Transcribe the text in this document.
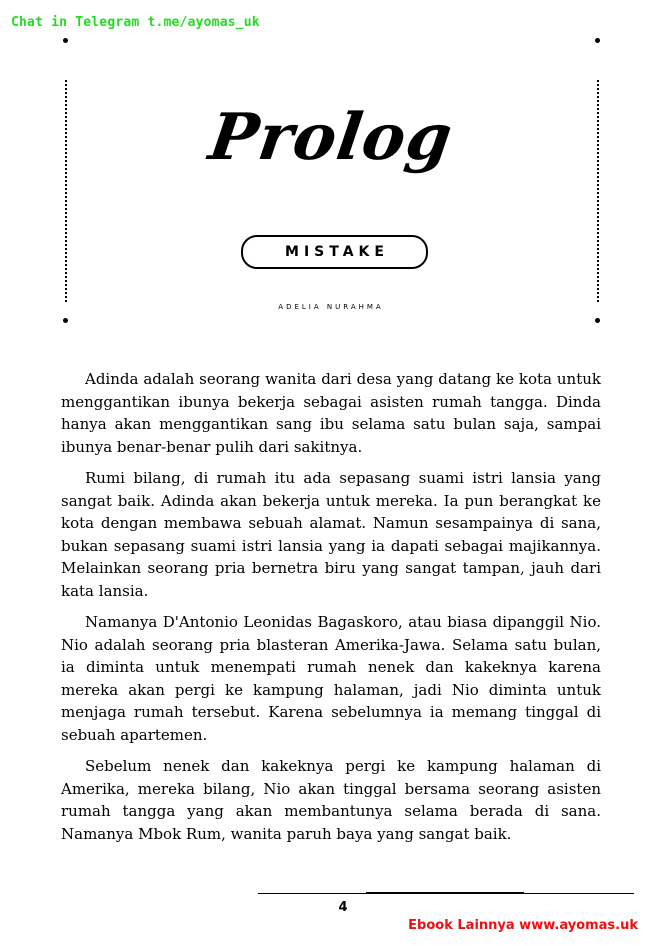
Chat in Telegram t.me/ayomas_uk
Prolog
MISTAKE
ADELIA NURAHMA

Adinda adalah seorang wanita dari desa yang datang ke kota untuk menggantikan ibunya bekerja sebagai asisten rumah tangga. Dinda hanya akan menggantikan sang ibu selama satu bulan saja, sampai ibunya benar-benar pulih dari sakitnya.

Rumi bilang, di rumah itu ada sepasang suami istri lansia yang sangat baik. Adinda akan bekerja untuk mereka. Ia pun berangkat ke kota dengan membawa sebuah alamat. Namun sesampainya di sana, bukan sepasang suami istri lansia yang ia dapati sebagai majikannya. Melainkan seorang pria bernetra biru yang sangat tampan, jauh dari kata lansia.

Namanya D'Antonio Leonidas Bagaskoro, atau biasa dipanggil Nio. Nio adalah seorang pria blasteran Amerika-Jawa. Selama satu bulan, ia diminta untuk menempati rumah nenek dan kakeknya karena mereka akan pergi ke kampung halaman, jadi Nio diminta untuk menjaga rumah tersebut. Karena sebelumnya ia memang tinggal di sebuah apartemen.

Sebelum nenek dan kakeknya pergi ke kampung halaman di Amerika, mereka bilang, Nio akan tinggal bersama seorang asisten rumah tangga yang akan membantunya selama berada di sana. Namanya Mbok Rum, wanita paruh baya yang sangat baik.

4
Ebook Lainnya www.ayomas.uk
